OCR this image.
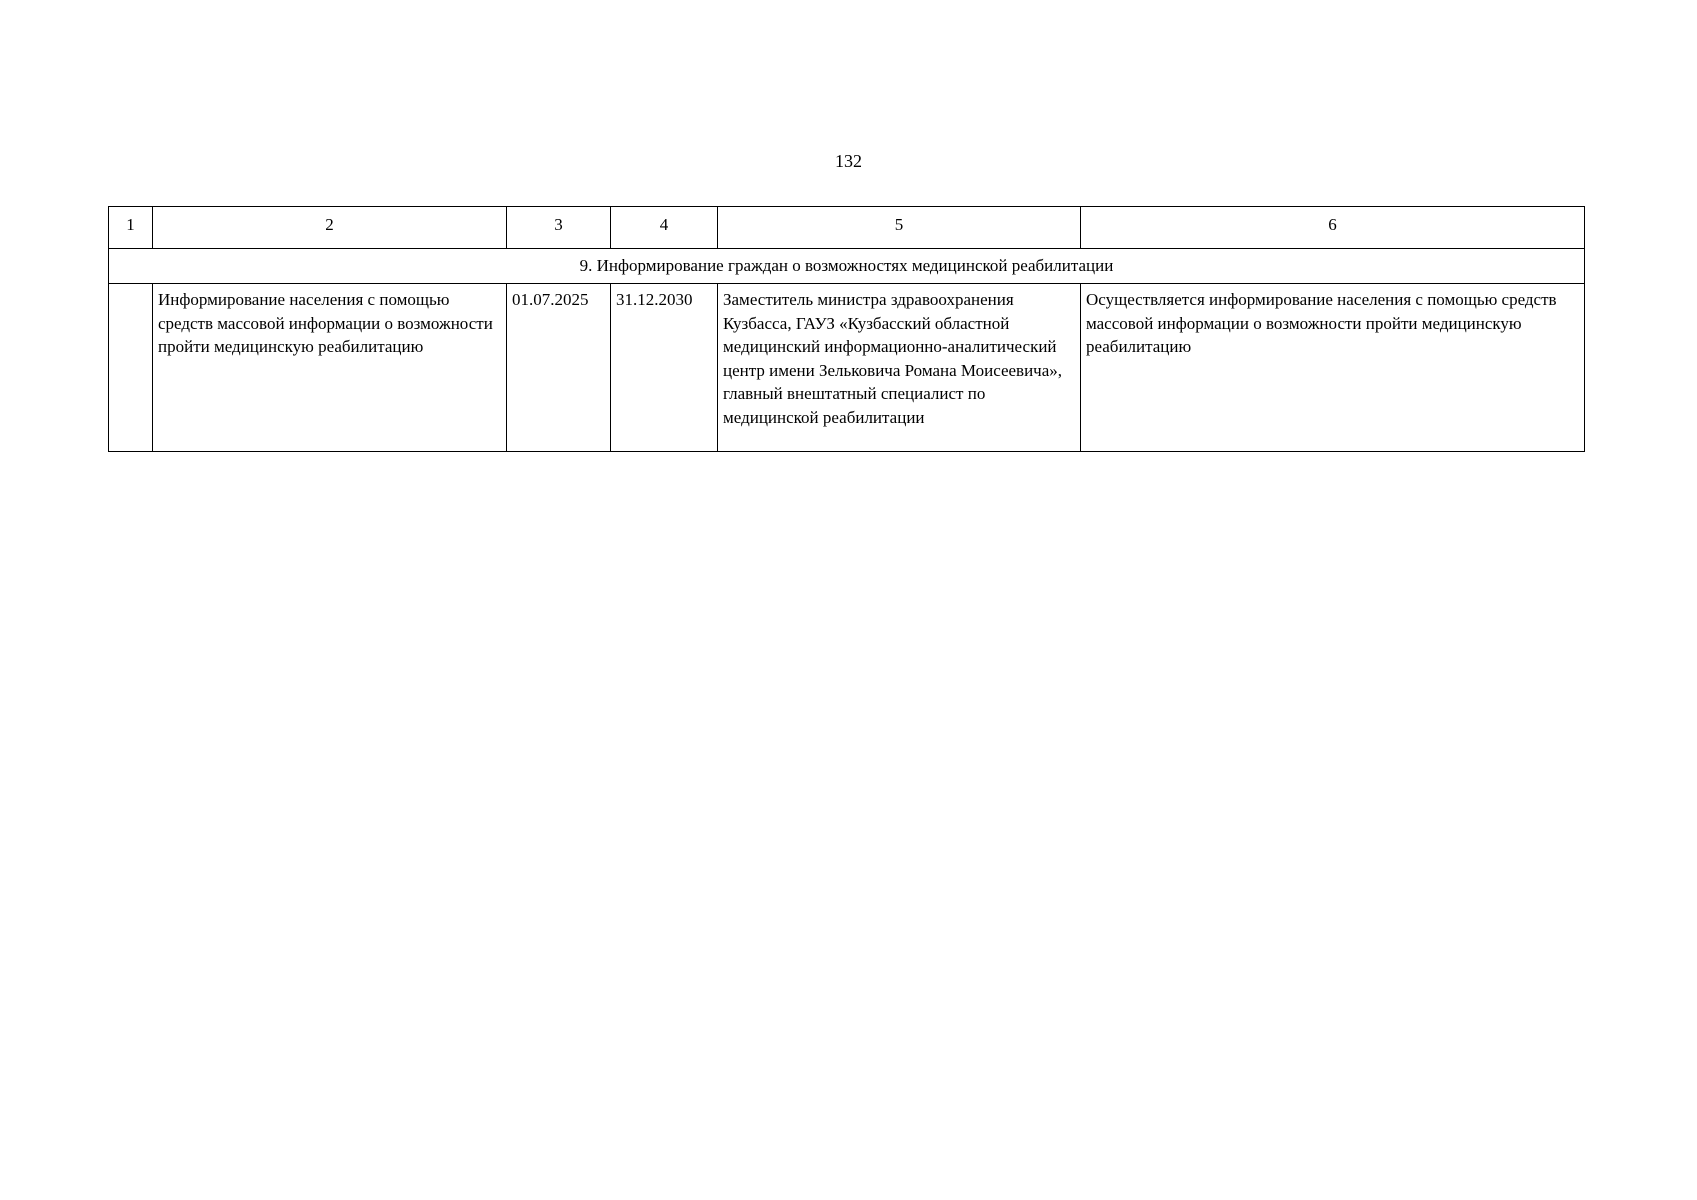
132
1	2	3	4	5	6
9. Информирование граждан о возможностях медицинской реабилитации					
	Информирование населения с помощью средств массовой информации о возможности пройти медицинскую реабилитацию	01.07.2025	31.12.2030	Заместитель министра здравоохранения Кузбасса, ГАУЗ «Кузбасский областной медицинский информационно-аналитический центр имени Зельковича Романа Моисеевича», главный внештатный специалист по медицинской реабилитации	Осуществляется информирование населения с помощью средств массовой информации о возможности пройти медицинскую реабилитацию
